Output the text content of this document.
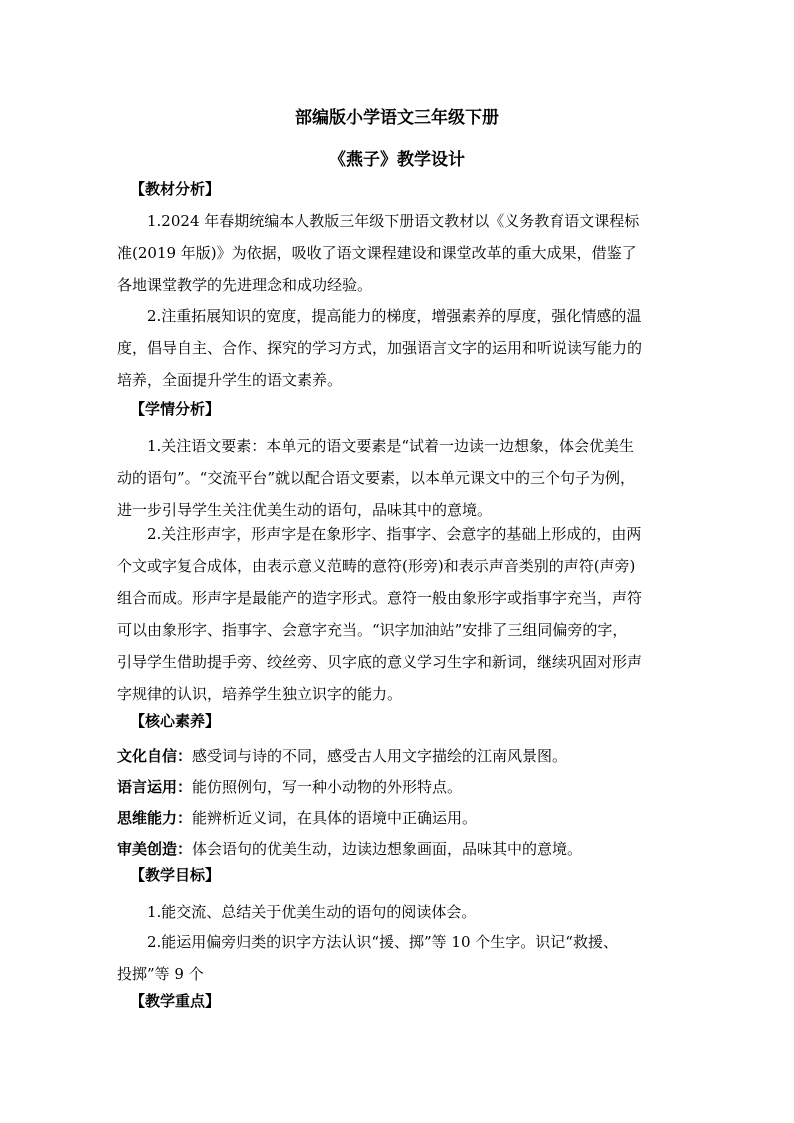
部编版小学语文三年级下册
《燕子》教学设计
【教材分析】
1.2024 年春期统编本人教版三年级下册语文教材以《义务教育语文课程标
准(2019 年版)》为依据，吸收了语文课程建设和课堂改革的重大成果，借鉴了
各地课堂教学的先进理念和成功经验。
2.注重拓展知识的宽度，提高能力的梯度，增强素养的厚度，强化情感的温
度，倡导自主、合作、探究的学习方式，加强语言文字的运用和听说读写能力的
培养，全面提升学生的语文素养。
【学情分析】
1.关注语文要素：本单元的语文要素是“试着一边读一边想象，体会优美生
动的语句”。“交流平台”就以配合语文要素，以本单元课文中的三个句子为例，
进一步引导学生关注优美生动的语句，品味其中的意境。
2.关注形声字，形声字是在象形字、指事字、会意字的基础上形成的，由两
个文或字复合成体，由表示意义范畴的意符(形旁)和表示声音类别的声符(声旁)
组合而成。形声字是最能产的造字形式。意符一般由象形字或指事字充当，声符
可以由象形字、指事字、会意字充当。“识字加油站”安排了三组同偏旁的字，
引导学生借助提手旁、绞丝旁、贝字底的意义学习生字和新词，继续巩固对形声
字规律的认识，培养学生独立识字的能力。
【核心素养】
文化自信：感受词与诗的不同，感受古人用文字描绘的江南风景图。
语言运用：能仿照例句，写一种小动物的外形特点。
思维能力：能辨析近义词，在具体的语境中正确运用。
审美创造：体会语句的优美生动，边读边想象画面，品味其中的意境。
【教学目标】
1.能交流、总结关于优美生动的语句的阅读体会。
2.能运用偏旁归类的识字方法认识“援、掷”等 10 个生字。识记“救援、
投掷”等 9 个
【教学重点】
